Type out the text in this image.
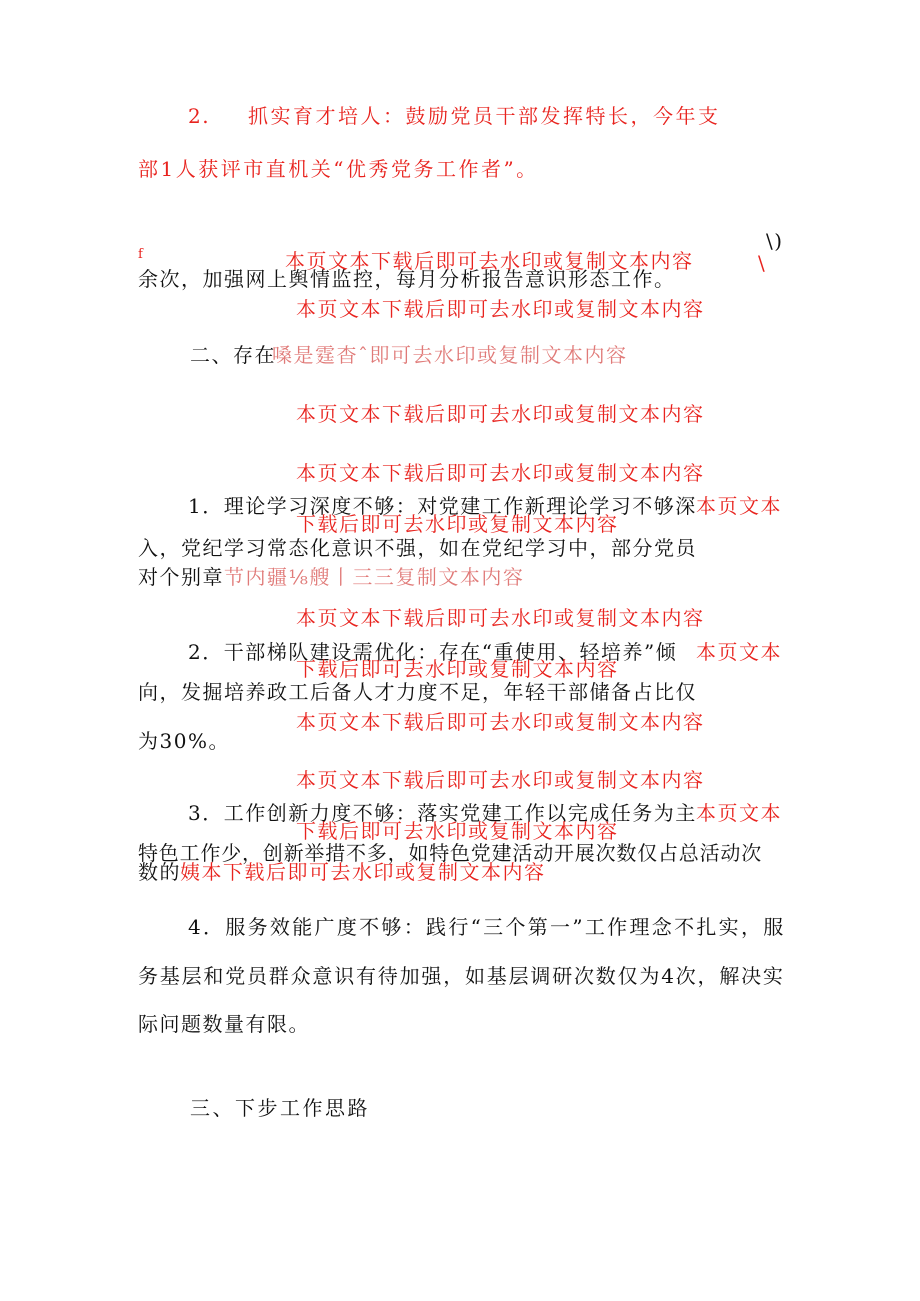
2. 抓实育才培人：鼓励党员干部发挥特长，今年支
部1人获评市直机关“优秀党务工作者”。
f
\)
\
本页文本下载后即可去水印或复制文本内容
余次，加强网上舆情监控，每月分析报告意识形态工作。
本页文本下载后即可去水印或复制文本内容
二、存在
嗓是霆杳ˆ即可去水印或复制文本内容
本页文本下载后即可去水印或复制文本内容
本页文本下载后即可去水印或复制文本内容
1．理论学习深度不够：对党建工作新理论学习不够深 本页文本
下载后即可去水印或复制文本内容
入，党纪学习常态化意识不强，如在党纪学习中，部分党员
对个别章 节内疆⅛艘丨三三复制文本内容
本页文本下载后即可去水印或复制文本内容
2．干部梯队建设需优化：存在“重使用、轻培养”倾 本页文本
下载后即可去水印或复制文本内容
向，发掘培养政工后备人才力度不足，年轻干部储备占比仅
本页文本下载后即可去水印或复制文本内容
为30%。
本页文本下载后即可去水印或复制文本内容
3．工作创新力度不够：落实党建工作以完成任务为主 本页文本
下载后即可去水印或复制文本内容
特色工作少，创新举措不多，如特色党建活动开展次数仅占总活动次
数的 姨本下载后即可去水印或复制文本内容
4．服务效能广度不够：践行“三个第一”工作理念不扎实，服
务基层和党员群众意识有待加强，如基层调研次数仅为4次，解决实
际问题数量有限。
三、下步工作思路
